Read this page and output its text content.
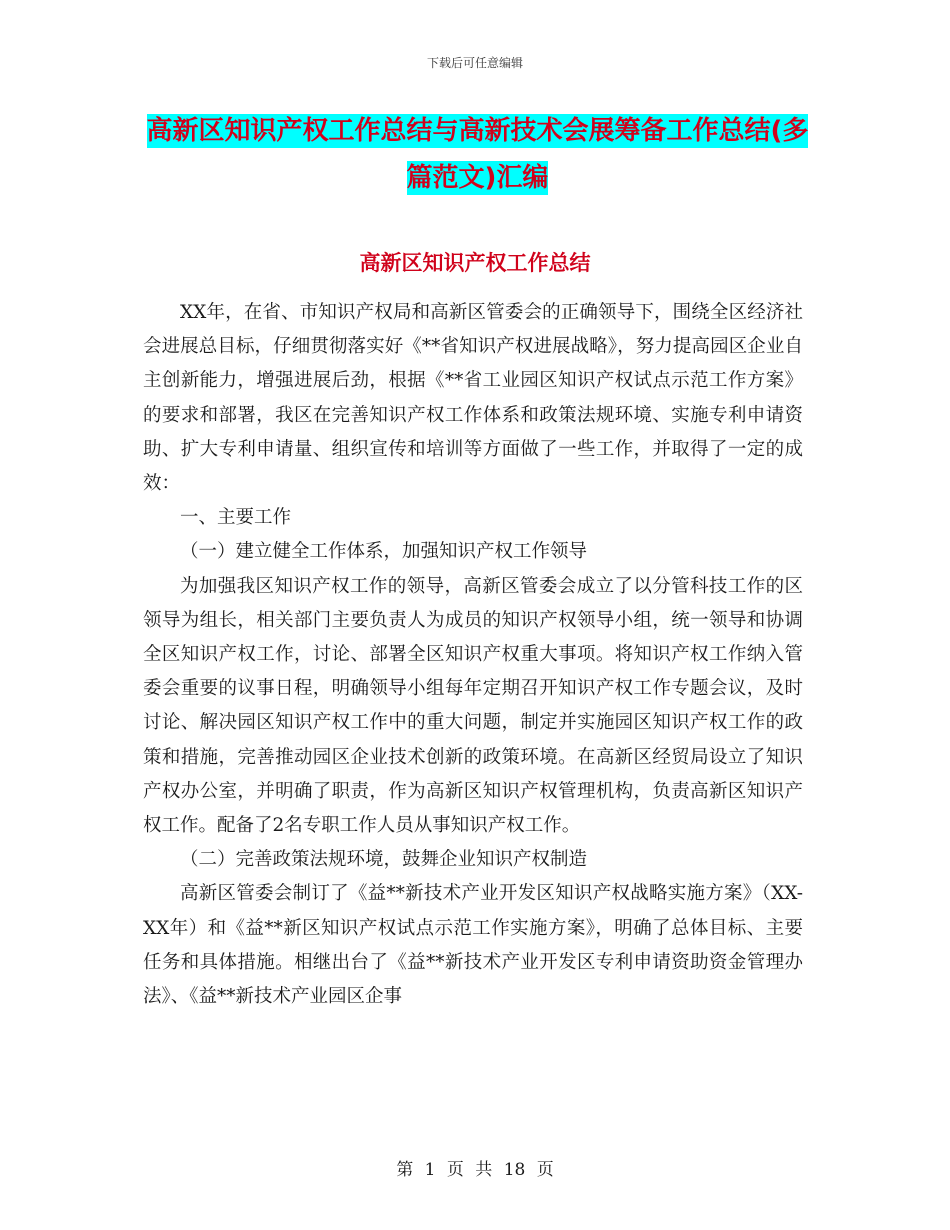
下载后可任意编辑
高新区知识产权工作总结与高新技术会展筹备工作总结(多篇范文)汇编
高新区知识产权工作总结

XX年，在省、市知识产权局和高新区管委会的正确领导下，围绕全区经济社会进展总目标，仔细贯彻落实好《**省知识产权进展战略》，努力提高园区企业自主创新能力，增强进展后劲，根据《**省工业园区知识产权试点示范工作方案》的要求和部署，我区在完善知识产权工作体系和政策法规环境、实施专利申请资助、扩大专利申请量、组织宣传和培训等方面做了一些工作，并取得了一定的成效：

一、主要工作

（一）建立健全工作体系，加强知识产权工作领导

为加强我区知识产权工作的领导，高新区管委会成立了以分管科技工作的区领导为组长，相关部门主要负责人为成员的知识产权领导小组，统一领导和协调全区知识产权工作，讨论、部署全区知识产权重大事项。将知识产权工作纳入管委会重要的议事日程，明确领导小组每年定期召开知识产权工作专题会议，及时讨论、解决园区知识产权工作中的重大问题，制定并实施园区知识产权工作的政策和措施，完善推动园区企业技术创新的政策环境。在高新区经贸局设立了知识产权办公室，并明确了职责，作为高新区知识产权管理机构，负责高新区知识产权工作。配备了2名专职工作人员从事知识产权工作。

（二）完善政策法规环境，鼓舞企业知识产权制造

高新区管委会制订了《益**新技术产业开发区知识产权战略实施方案》（XX-XX年）和《益**新区知识产权试点示范工作实施方案》，明确了总体目标、主要任务和具体措施。相继出台了《益**新技术产业开发区专利申请资助资金管理办法》、《益**新技术产业园区企事

第 1 页 共 18 页
